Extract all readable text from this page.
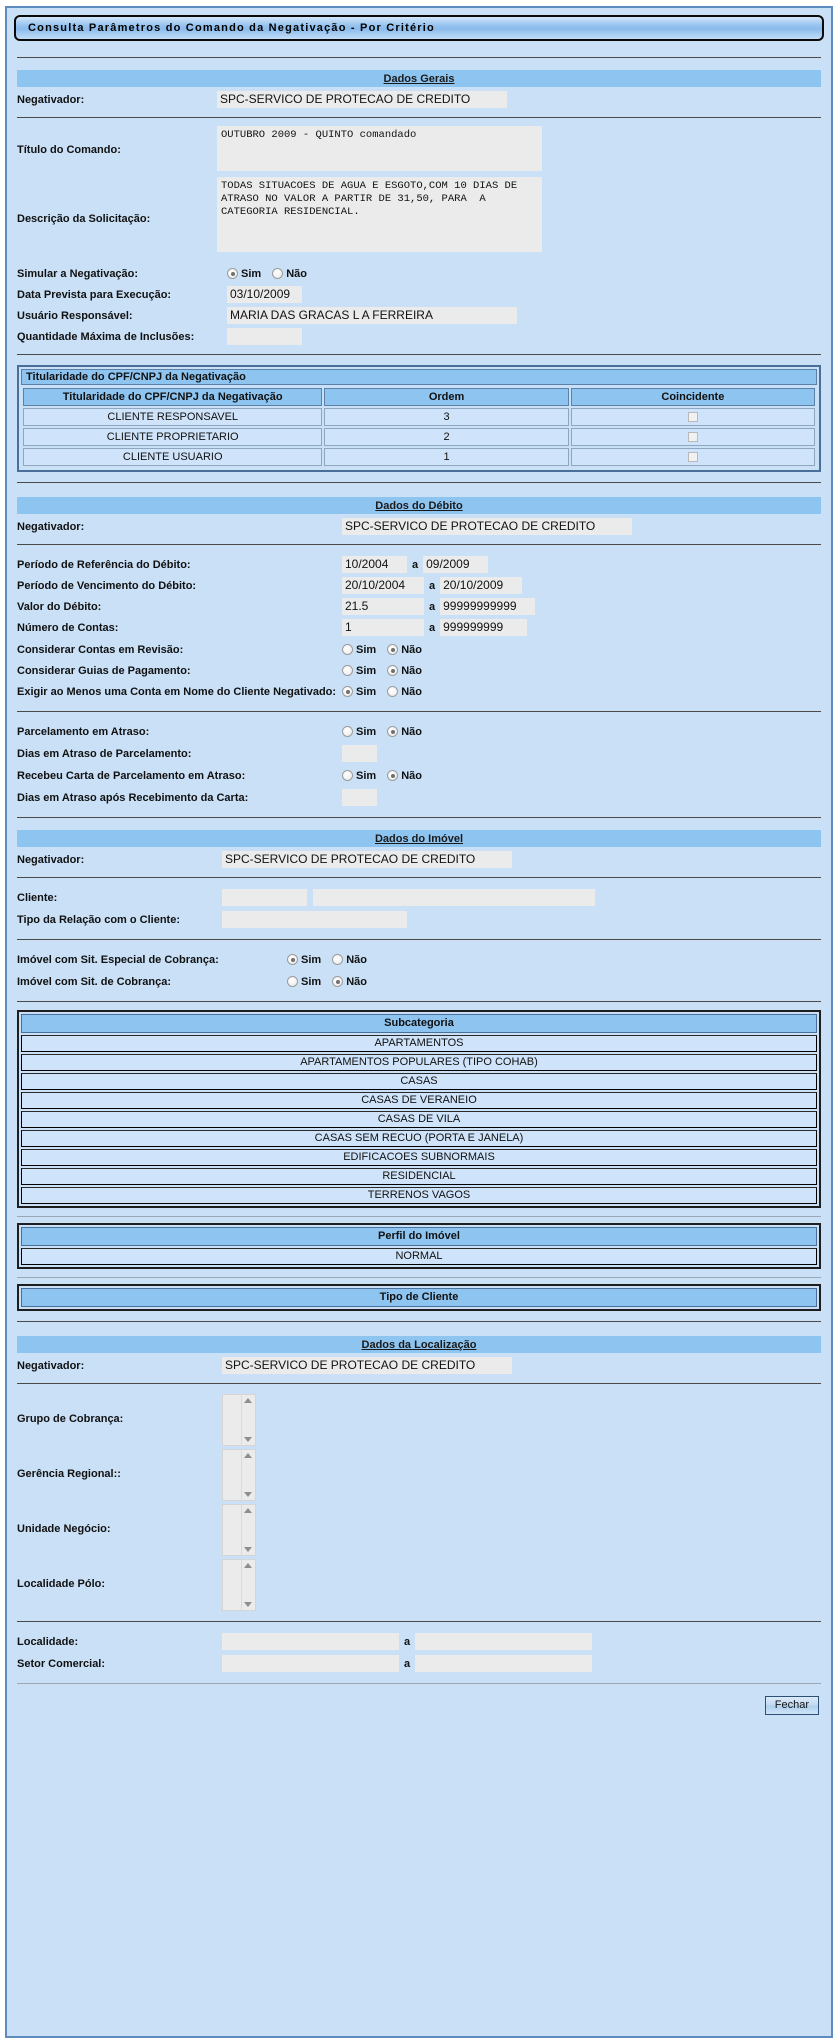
Consulta Parâmetros do Comando da Negativação - Por Critério
Dados Gerais
Negativador:	SPC-SERVICO DE PROTECAO DE CREDITO
Título do Comando:
OUTUBRO 2009 - QUINTO comandado
Descrição da Solicitação:
TODAS SITUACOES DE AGUA E ESGOTO,COM 10 DIAS DE ATRASO NO VALOR A PARTIR DE 31,50, PARA A CATEGORIA RESIDENCIAL.
Simular a Negativação:	Sim Não
Data Prevista para Execução:	03/10/2009
Usuário Responsável:	MARIA DAS GRACAS L A FERREIRA
Quantidade Máxima de Inclusões:

Titularidade do CPF/CNPJ da Negativação
Titularidade do CPF/CNPJ da Negativação	Ordem	Coincidente
CLIENTE RESPONSAVEL	3	
CLIENTE PROPRIETARIO	2	
CLIENTE USUARIO	1	
Dados do Débito
Negativador:	SPC-SERVICO DE PROTECAO DE CREDITO
Período de Referência do Débito:	10/2004	a 09/2009
Período de Vencimento do Débito:	20/10/2004	a 20/10/2009
Valor do Débito:	21.5	a 99999999999
Número de Contas:	1	a 999999999
Considerar Contas em Revisão:	Sim Não
Considerar Guias de Pagamento:	Sim Não
Exigir ao Menos uma Conta em Nome do Cliente Negativado:	Sim Não
Parcelamento em Atraso:	Sim Não
Dias em Atraso de Parcelamento:

Recebeu Carta de Parcelamento em Atraso:	Sim Não
Dias em Atraso após Recebimento da Carta:

Dados do Imóvel
Negativador:	SPC-SERVICO DE PROTECAO DE CREDITO
Cliente:

Tipo da Relação com o Cliente:

Imóvel com Sit. Especial de Cobrança:	Sim Não
Imóvel com Sit. de Cobrança:	Sim Não
Subcategoria
APARTAMENTOS
APARTAMENTOS POPULARES (TIPO COHAB)
CASAS
CASAS DE VERANEIO
CASAS DE VILA
CASAS SEM RECUO (PORTA E JANELA)
EDIFICACOES SUBNORMAIS
RESIDENCIAL
TERRENOS VAGOS
Perfil do Imóvel
NORMAL
Tipo de Cliente
Dados da Localização
Negativador:	SPC-SERVICO DE PROTECAO DE CREDITO
Grupo de Cobrança:
Gerência Regional::
Unidade Negócio:
Localidade Pólo:
Localidade:
	a

Setor Comercial:
	a

Fechar
